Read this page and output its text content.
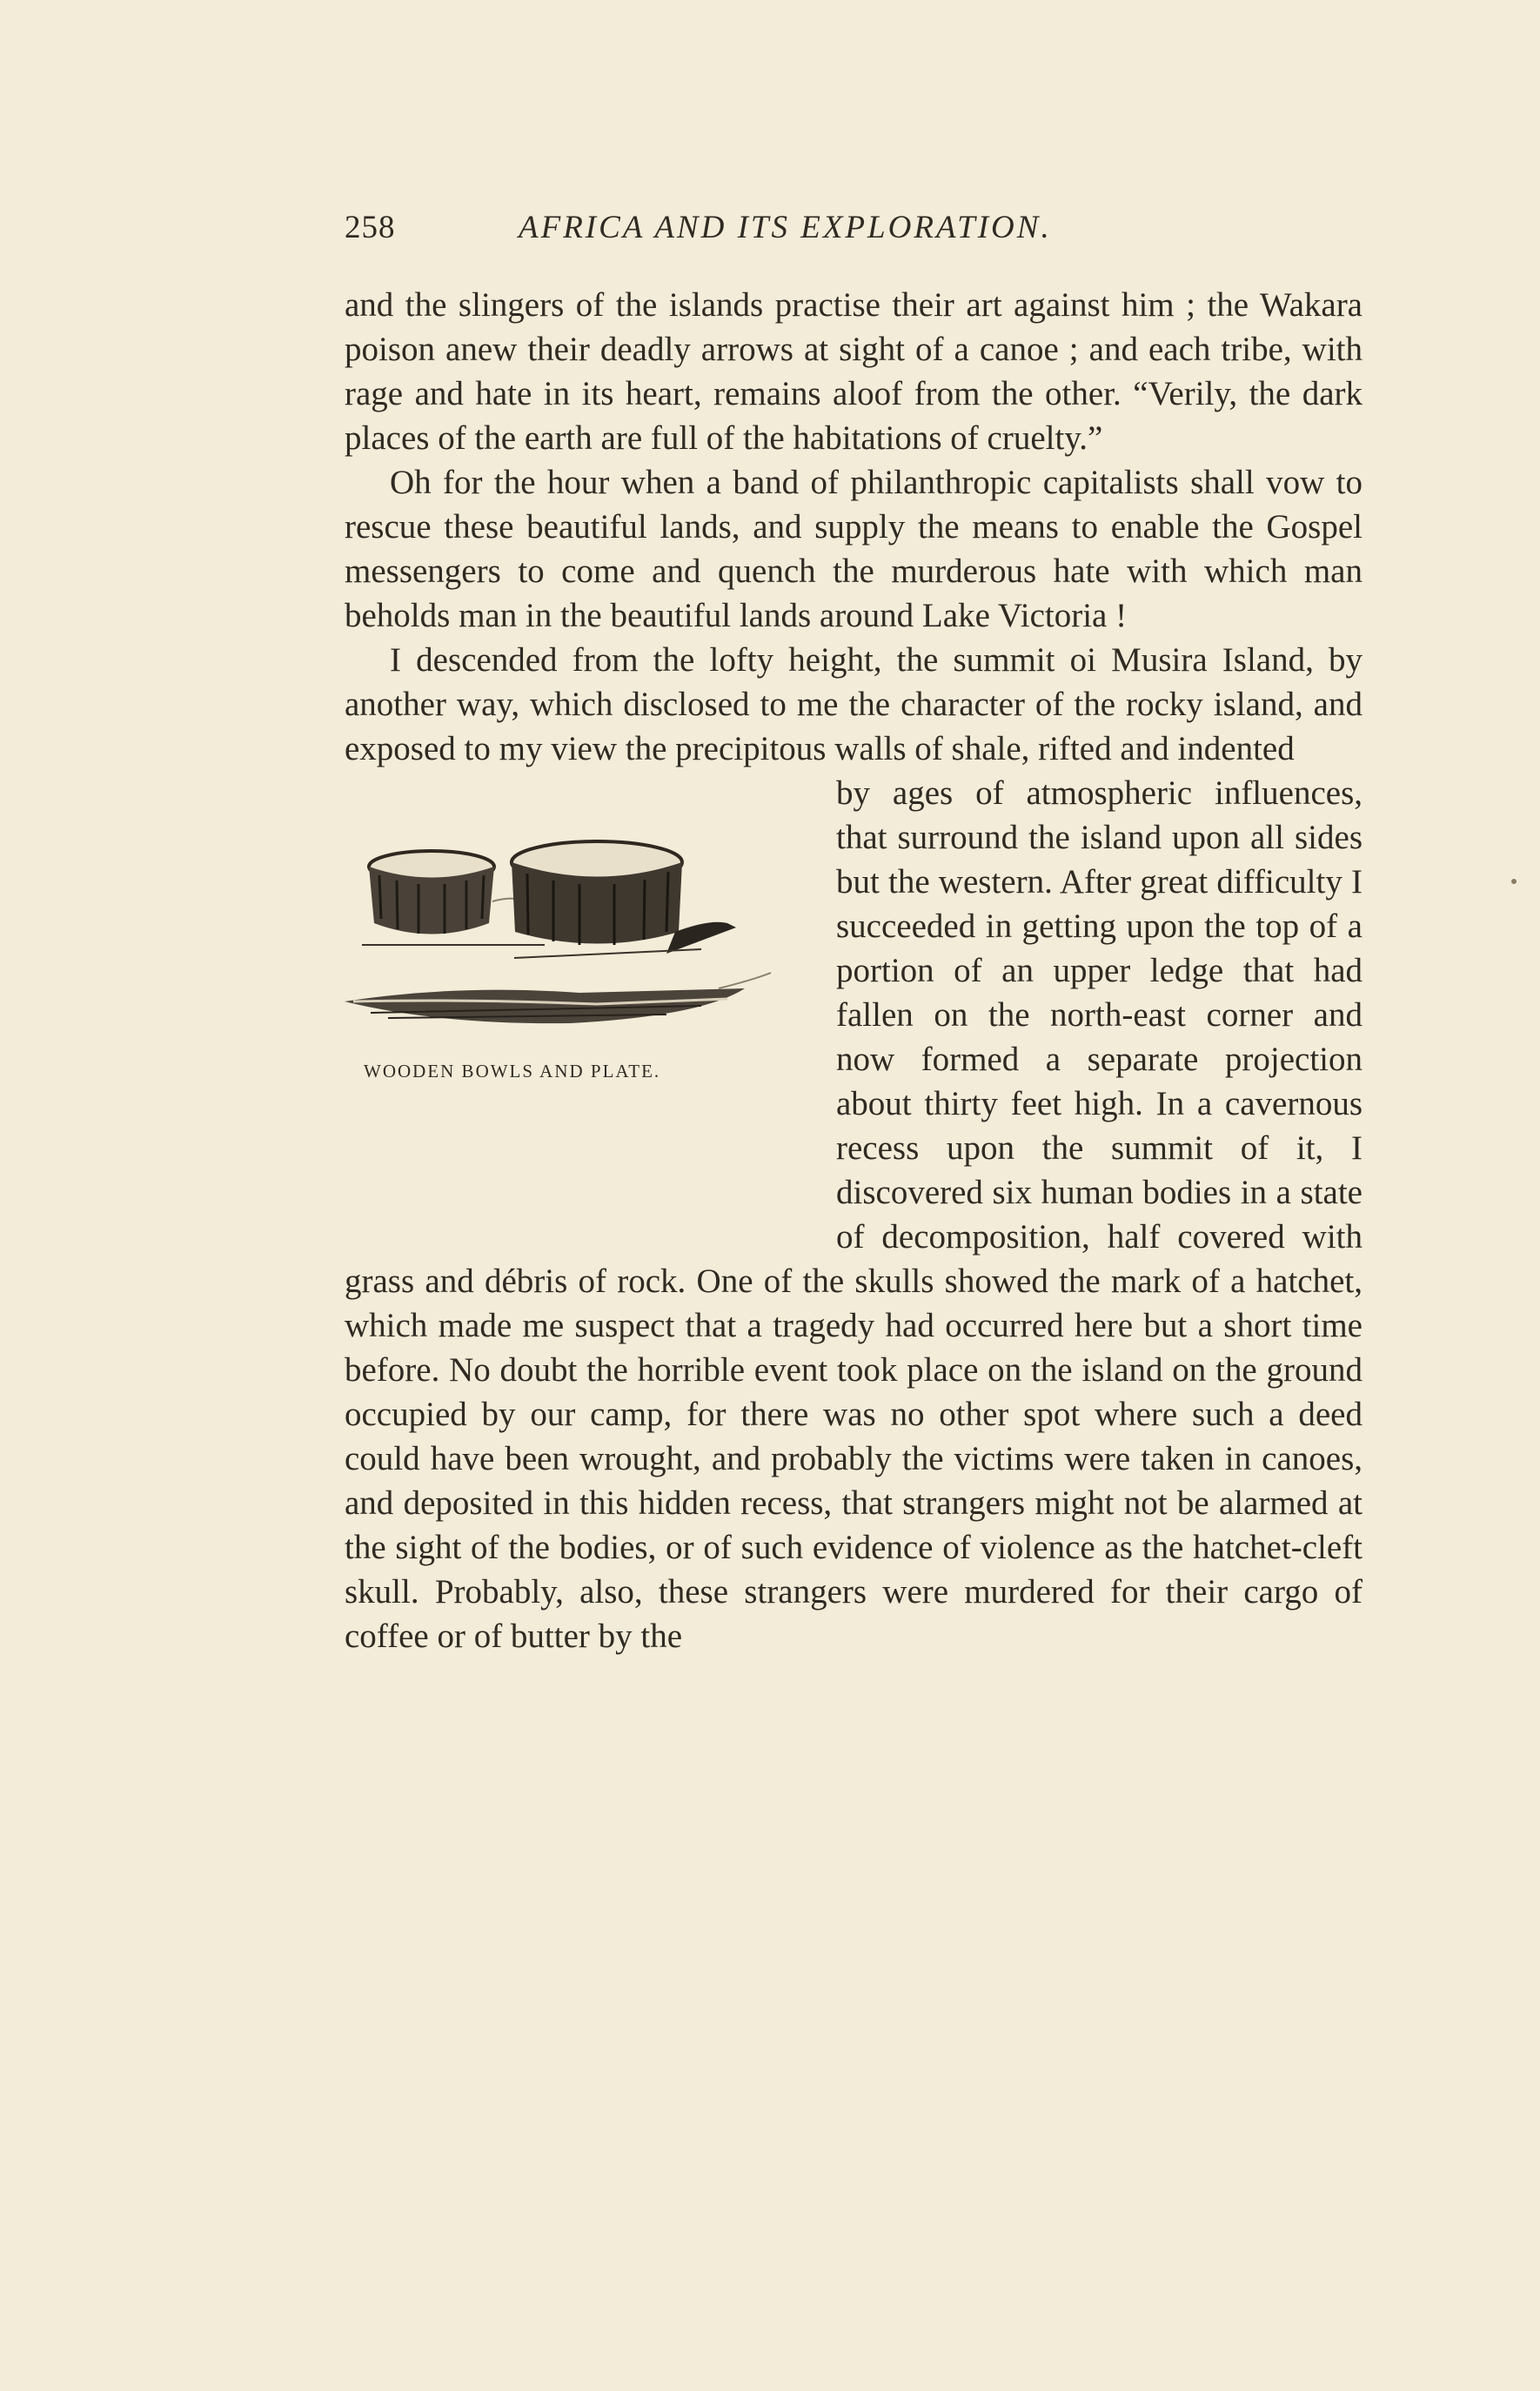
258	AFRICA AND ITS EXPLORATION.

and the slingers of the islands practise their art against him ; the Wakara poison anew their deadly arrows at sight of a canoe ; and each tribe, with rage and hate in its heart, remains aloof from the other. “Verily, the dark places of the earth are full of the habitations of cruelty.”

Oh for the hour when a band of philanthropic capitalists shall vow to rescue these beautiful lands, and supply the means to enable the Gospel messengers to come and quench the murderous hate with which man beholds man in the beautiful lands around Lake Victoria !

I descended from the lofty height, the summit oi Musira Island, by another way, which disclosed to me the character of the rocky island, and exposed to my view the precipitous walls of shale, rifted and indented

WOODEN BOWLS AND PLATE.

by ages of atmospheric influences, that surround the island upon all sides but the western. After great difficulty I succeeded in getting upon the top of a portion of an upper ledge that had fallen on the north-east corner and now formed a separate projection about thirty feet high. In a cavernous recess upon the summit of it, I discovered six human bodies in a state of decomposition, half covered with grass and débris of rock. One of the skulls showed the mark of a hatchet, which made me suspect that a tragedy had occurred here but a short time before. No doubt the horrible event took place on the island on the ground occupied by our camp, for there was no other spot where such a deed could have been wrought, and probably the victims were taken in canoes, and deposited in this hidden recess, that strangers might not be alarmed at the sight of the bodies, or of such evidence of violence as the hatchet-cleft skull. Probably, also, these strangers were murdered for their cargo of coffee or of butter by the
